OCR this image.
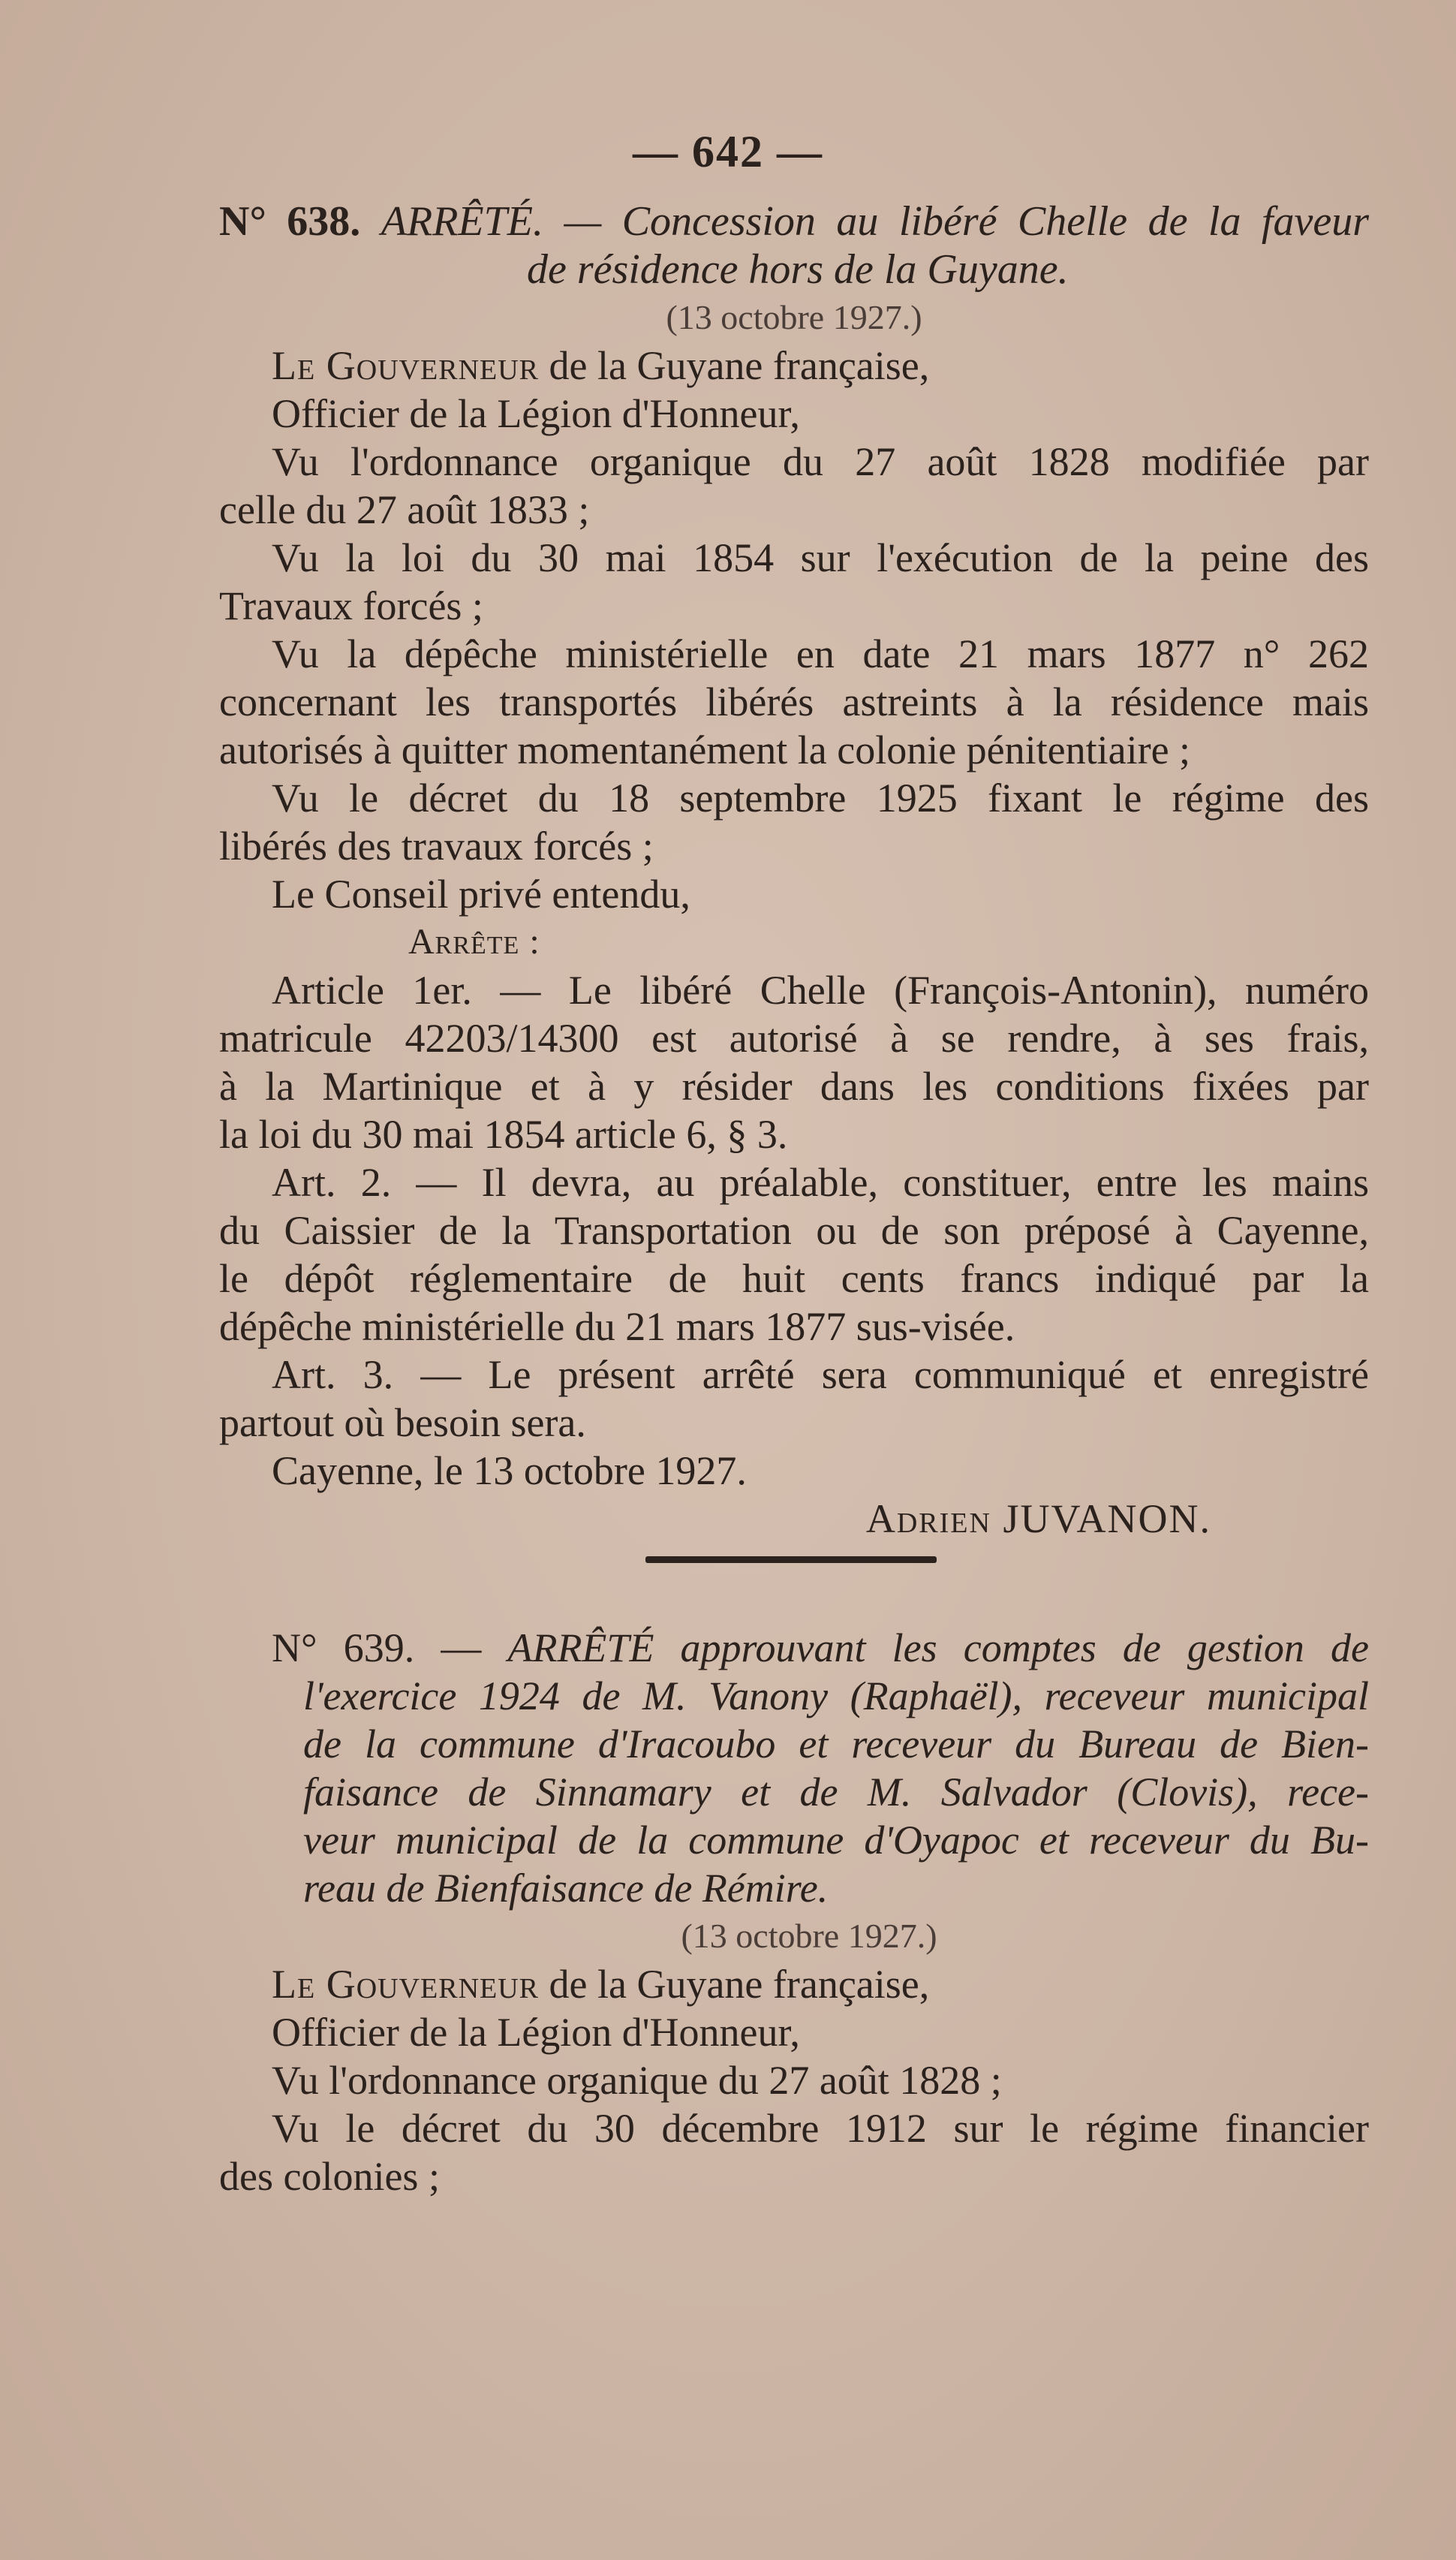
— 642 —

N° 638. ARRÊTÉ. — Concession au libéré Chelle de la faveur

de résidence hors de la Guyane.

(13 octobre 1927.)

Le Gouverneur de la Guyane française,

Officier de la Légion d'Honneur,

Vu l'ordonnance organique du 27 août 1828 modifiée par

celle du 27 août 1833 ;

Vu la loi du 30 mai 1854 sur l'exécution de la peine des

Travaux forcés ;

Vu la dépêche ministérielle en date 21 mars 1877 n° 262

concernant les transportés libérés astreints à la résidence mais

autorisés à quitter momentanément la colonie pénitentiaire ;

Vu le décret du 18 septembre 1925 fixant le régime des

libérés des travaux forcés ;

Le Conseil privé entendu,

Arrête :

Article 1er. — Le libéré Chelle (François-Antonin), numéro

matricule 42203/14300 est autorisé à se rendre, à ses frais,

à la Martinique et à y résider dans les conditions fixées par

la loi du 30 mai 1854 article 6, § 3.

Art. 2. — Il devra, au préalable, constituer, entre les mains

du Caissier de la Transportation ou de son préposé à Cayenne,

le dépôt réglementaire de huit cents francs indiqué par la

dépêche ministérielle du 21 mars 1877 sus-visée.

Art. 3. — Le présent arrêté sera communiqué et enregistré

partout où besoin sera.

Cayenne, le 13 octobre 1927.

Adrien JUVANON.

N° 639. — ARRÊTÉ approuvant les comptes de gestion de

l'exercice 1924 de M. Vanony (Raphaël), receveur municipal

de la commune d'Iracoubo et receveur du Bureau de Bien-

faisance de Sinnamary et de M. Salvador (Clovis), rece-

veur municipal de la commune d'Oyapoc et receveur du Bu-

reau de Bienfaisance de Rémire.

(13 octobre 1927.)

Le Gouverneur de la Guyane française,

Officier de la Légion d'Honneur,

Vu l'ordonnance organique du 27 août 1828 ;

Vu le décret du 30 décembre 1912 sur le régime financier

des colonies ;
